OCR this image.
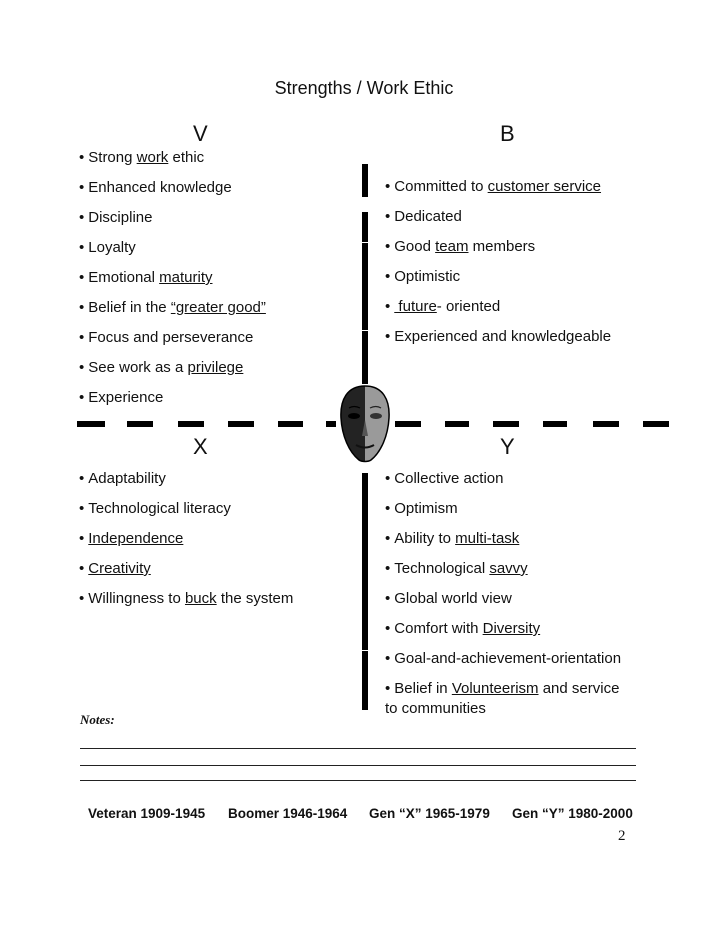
Strengths / Work Ethic
V	B
X	Y
• Strong work ethic
• Enhanced knowledge
• Discipline
• Loyalty
• Emotional maturity
• Belief in the “greater good”
• Focus and perseverance
• See work as a privilege
• Experience
• Committed to customer service
• Dedicated
• Good team members
• Optimistic
• future- oriented
• Experienced and knowledgeable
• Adaptability
• Technological literacy
• Independence
• Creativity
• Willingness to buck the system
• Collective action
• Optimism
• Ability to multi-task
• Technological savvy
• Global world view
• Comfort with Diversity
• Goal-and-achievement-orientation
• Belief in Volunteerism and service
to communities
Notes:
Veteran 1909-1945 Boomer 1946-1964 Gen “X” 1965-1979 Gen “Y” 1980-2000
2
